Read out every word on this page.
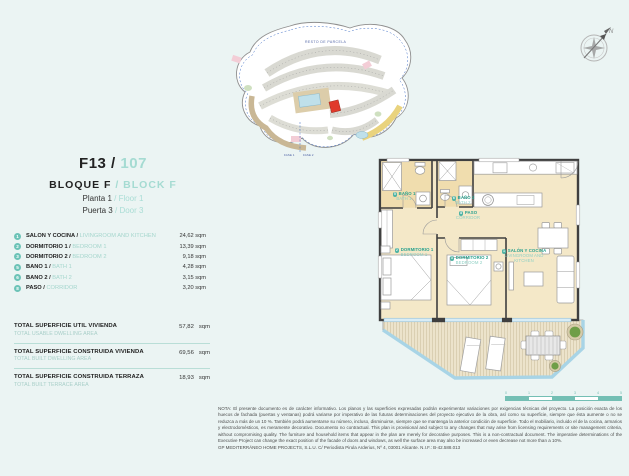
F13 / 107
BLOQUE F / BLOCK F
Planta 1 / Floor 1
Puerta 3 / Door 3
1	SALÓN Y COCINA / LIVINGROOM AND KITCHEN	24,62 sqm
2	DORMITORIO 1 / BEDROOM 1	13,39 sqm
3	DORMITORIO 2 / BEDROOM 2	9,18 sqm
5	BAÑO 1 / BATH 1	4,28 sqm
6	BAÑO 2 / BATH 2	3,15 sqm
8	PASO / CORRIDOR	3,20 sqm
TOTAL SUPERFICIE UTIL VIVIENDA
TOTAL USABLE DWELLING AREA
57,82 sqm
TOTAL SUPERFICIE CONSTRUIDA VIVIENDA
TOTAL BUILT DWELLING AREA
69,56 sqm
TOTAL SUPERFICIE CONSTRUIDA TERRAZA
TOTAL BUILT TERRACE AREA
18,93 sqm
RESTO DE PARCELA
FASE 1	FASE 2
N
5 BAÑO 1
BATH 1	6 BAÑO 2
BATH 2
8 PASO
CORRIDOR
2 DORMITORIO 1
BEDROOM 1
3 DORMITORIO 2
BEDROOM 2
1 SALÓN Y COCINA
LIVINGROOM AND KITCHEN
0	1	2	3	4	5

NOTA: El presente documento es de carácter informativo. Los planos y las superficies expresadas podrán experimentar variaciones por exigencias técnicas del proyecto. La posición exacta de los huecos de fachada (puertas y ventanas) podrá variarse por imperativo de las futuras determinaciones del proyecto ejecutivo de la obra, así como su superficie, siempre que ésta aumente o no se reduzca a más de un 10 %. También podrá aumentarse su número, incluso, disminuirse, siempre que se mantenga la anterior condición de superficie. Todo el mobiliario, incluido el de la cocina, armarios y electrodomésticos, es meramente decorativo. Documento no contractual. This plan is provisional and subject to any changes that may arise from licensing requirements or site management criteria, without compromising quality. The furniture and household items that appear in the plan are merely for decorative purposes. This is a non-contractual document. The imperative determinations of the Executive Project can change the exact position of the facade of doors and windows, as well the surface area may also be increased or even decrease not more than a 10%.

GP MEDITERRÁNEO HOME PROJECTS, S.L.U. C/ Periodista Pirula Arderius, Nº 4, 03001 Alicante. N.I.F.: B-42.588.013
